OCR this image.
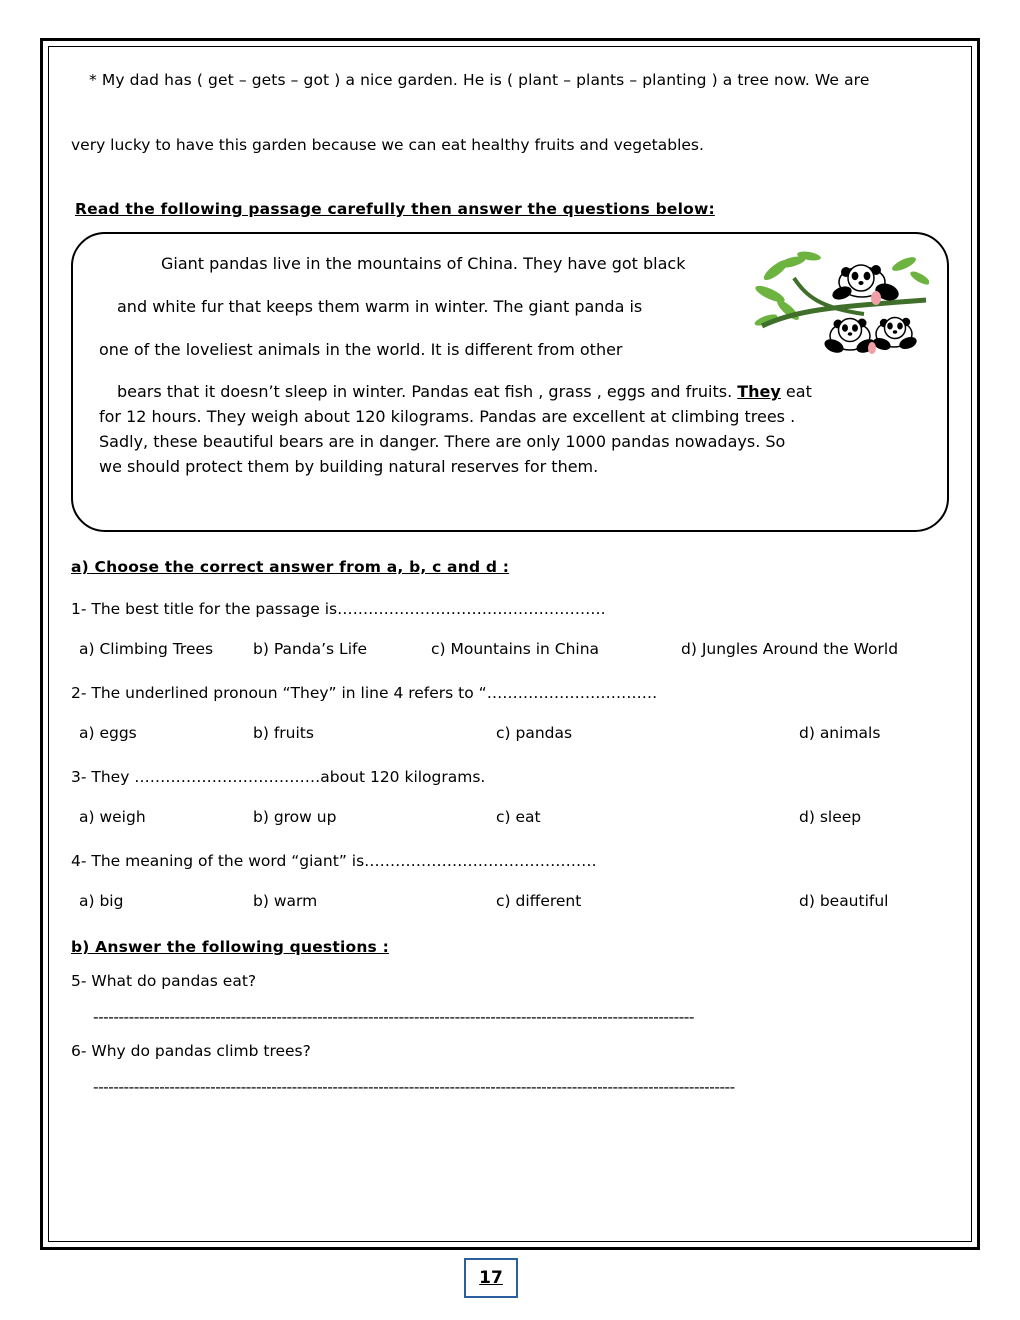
* My dad has ( get – gets – got ) a nice garden. He is ( plant – plants – planting ) a tree now. We are
very lucky to have this garden because we can eat healthy fruits and vegetables.
Read the following passage carefully then answer the questions below:

Giant pandas live in the mountains of China. They have got black

and white fur that keeps them warm in winter. The giant panda is

one of the loveliest animals in the world. It is different from other

bears that it doesn’t sleep in winter. Pandas eat fish , grass , eggs and fruits. They eat

for 12 hours. They weigh about 120 kilograms. Pandas are excellent at climbing trees .

Sadly, these beautiful bears are in danger. There are only 1000 pandas nowadays. So

we should protect them by building natural reserves for them.

a) Choose the correct answer from a, b, c and d :
1- The best title for the passage is…………………………………………….
a) Climbing Trees	b) Panda’s Life	c) Mountains in China	d) Jungles Around the World
2- The underlined pronoun “They” in line 4 refers to “……………………………
a) eggs	b) fruits	c) pandas	d) animals
3- They ………………………………about 120 kilograms.
a) weigh	b) grow up	c) eat	d) sleep
4- The meaning of the word “giant” is………………………………………
a) big	b) warm	c) different	d) beautiful
b) Answer the following questions :
5- What do pandas eat?
----------------------------------------------------------------------------------------------------------------------
6- Why do pandas climb trees?
------------------------------------------------------------------------------------------------------------------------------
17
